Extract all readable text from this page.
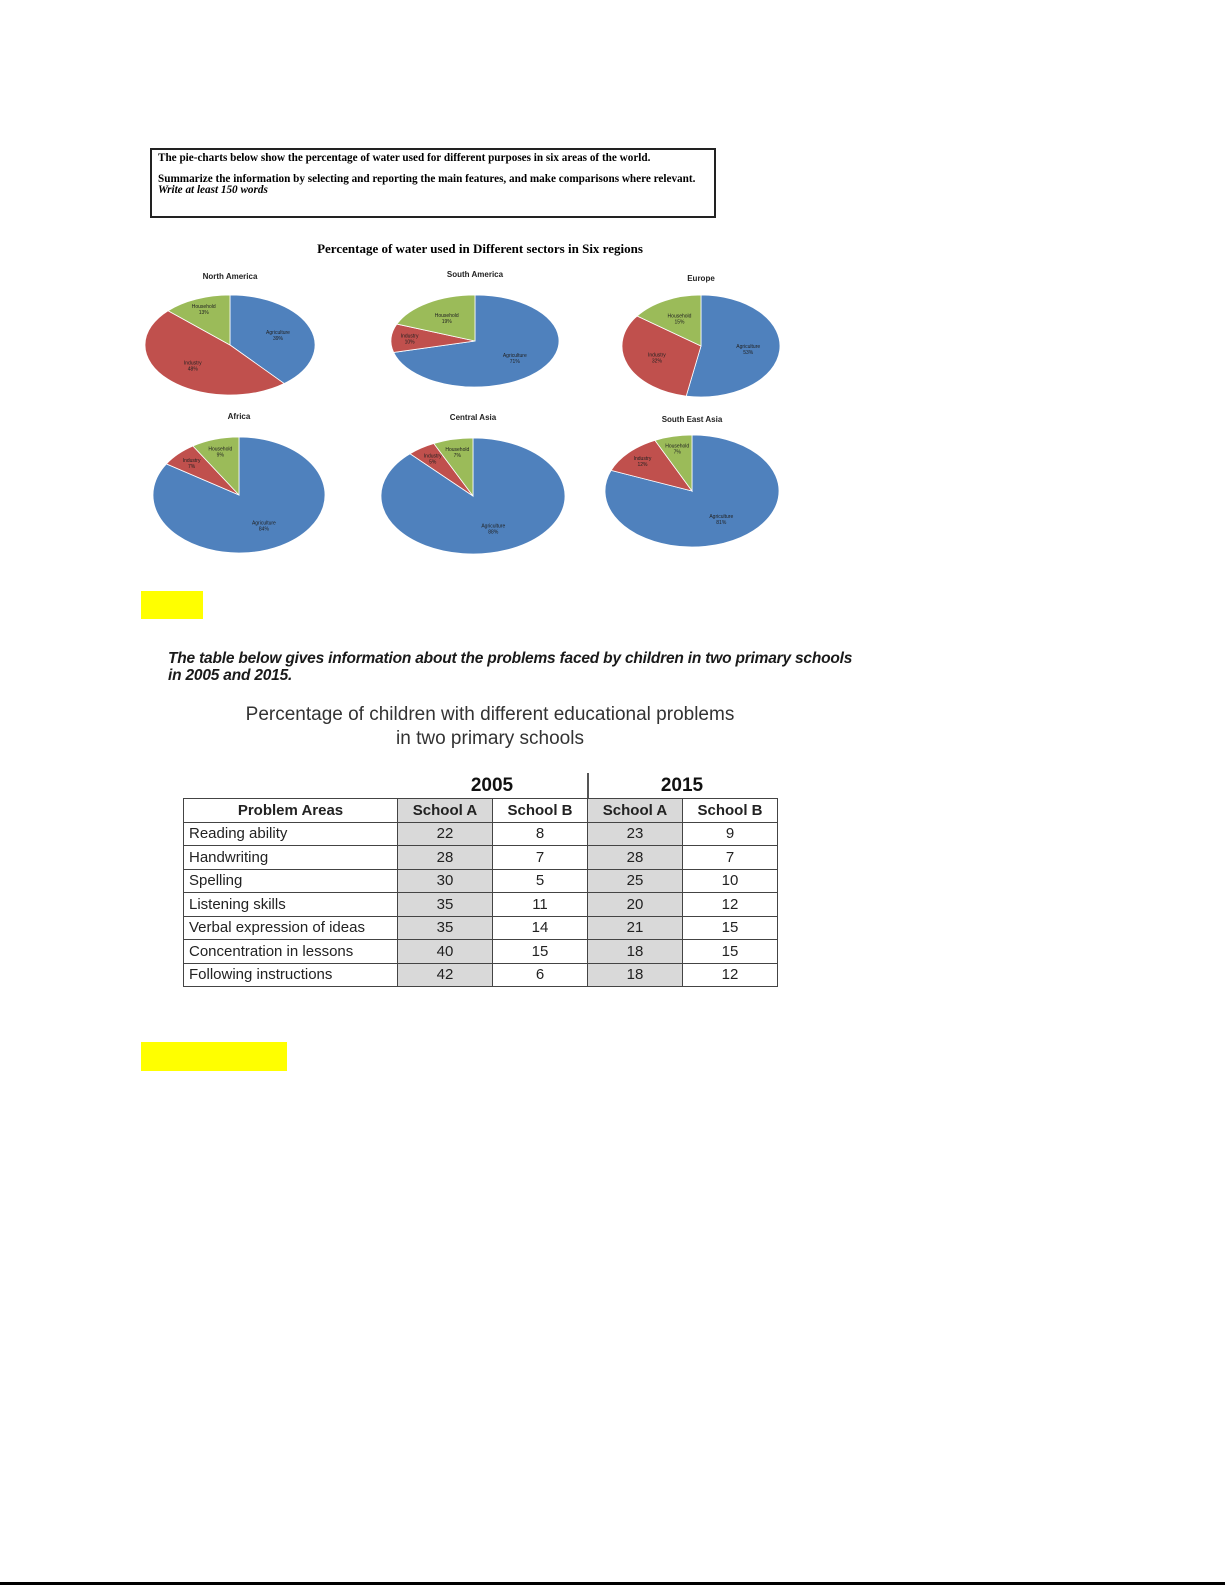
The pie-charts below show the percentage of water used for different purposes in six areas of the world.

Summarize the information by selecting and reporting the main features, and make comparisons where relevant.

Write at least 150 words

Percentage of water used in Different sectors in Six regions
Agriculture
39%
Industry
48%
Household
13%
North America
Agriculture
71%
Industry
10%
Household
19%
South America
Agriculture
53%
Industry
32%
Household
15%
Europe
Agriculture
84%
Industry
7%
Household
9%
Africa
Agriculture
88%
Industry
5%
Household
7%
Central Asia
Agriculture
81%
Industry
12%
Household
7%
South East Asia
The table below gives information about the problems faced by children in two primary schools in 2005 and 2015.
Percentage of children with different educational problems
in two primary schools
2005	2015
Problem Areas	School A	School B	School A	School B
Reading ability	22	8	23	9
Handwriting	28	7	28	7
Spelling	30	5	25	10
Listening skills	35	11	20	12
Verbal expression of ideas	35	14	21	15
Concentration in lessons	40	15	18	15
Following instructions	42	6	18	12
